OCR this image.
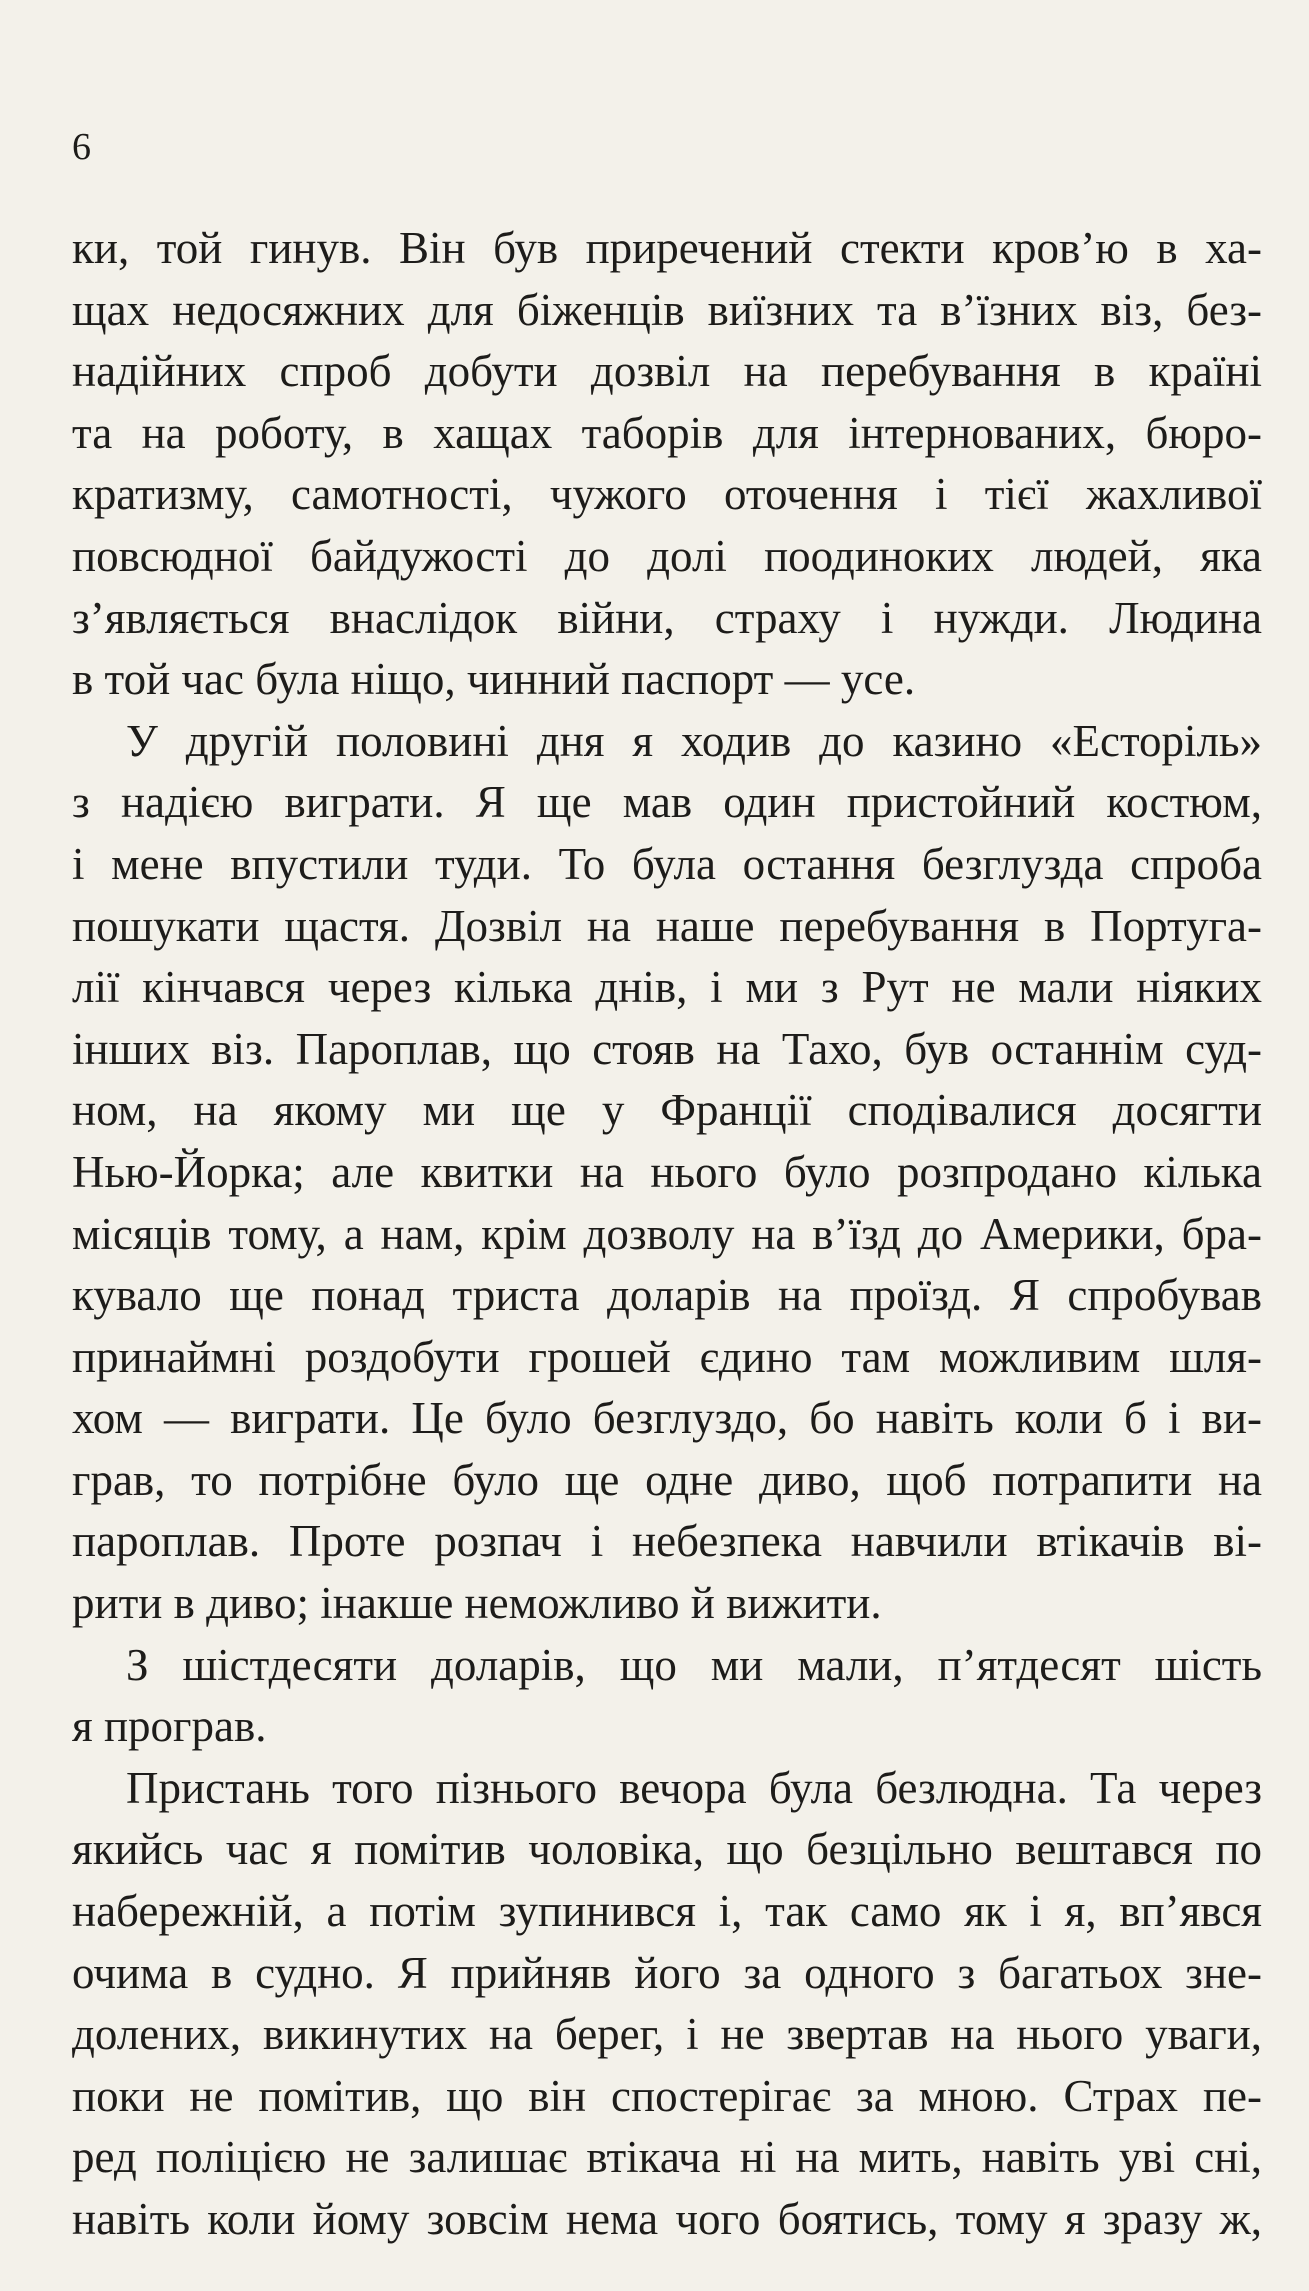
6
ки, той гинув. Він був приречений стекти кров’ю в ха-
щах недосяжних для біженців виїзних та в’їзних віз, без-
надійних спроб добути дозвіл на перебування в країні
та на роботу, в хащах таборів для інтернованих, бюро-
кратизму, самотності, чужого оточення і тієї жахливої
повсюдної байдужості до долі поодиноких людей, яка
з’являється внаслідок війни, страху і нужди. Людина
в той час була ніщо, чинний паспорт — усе.
У другій половині дня я ходив до казино «Есторіль»
з надією виграти. Я ще мав один пристойний костюм,
і мене впустили туди. То була остання безглузда спроба
пошукати щастя. Дозвіл на наше перебування в Португа-
лії кінчався через кілька днів, і ми з Рут не мали ніяких
інших віз. Пароплав, що стояв на Тахо, був останнім суд-
ном, на якому ми ще у Франції сподівалися досягти
Нью-Йорка; але квитки на нього було розпродано кілька
місяців тому, а нам, крім дозволу на в’їзд до Америки, бра-
кувало ще понад триста доларів на проїзд. Я спробував
принаймні роздобути грошей єдино там можливим шля-
хом — виграти. Це було безглуздо, бо навіть коли б і ви-
грав, то потрібне було ще одне диво, щоб потрапити на
пароплав. Проте розпач і небезпека навчили втікачів ві-
рити в диво; інакше неможливо й вижити.
З шістдесяти доларів, що ми мали, п’ятдесят шість
я програв.
Пристань того пізнього вечора була безлюдна. Та через
якийсь час я помітив чоловіка, що безцільно вештався по
набережній, а потім зупинився і, так само як і я, вп’явся
очима в судно. Я прийняв його за одного з багатьох зне-
долених, викинутих на берег, і не звертав на нього уваги,
поки не помітив, що він спостерігає за мною. Страх пе-
ред поліцією не залишає втікача ні на мить, навіть уві сні,
навіть коли йому зовсім нема чого боятись, тому я зразу ж,
